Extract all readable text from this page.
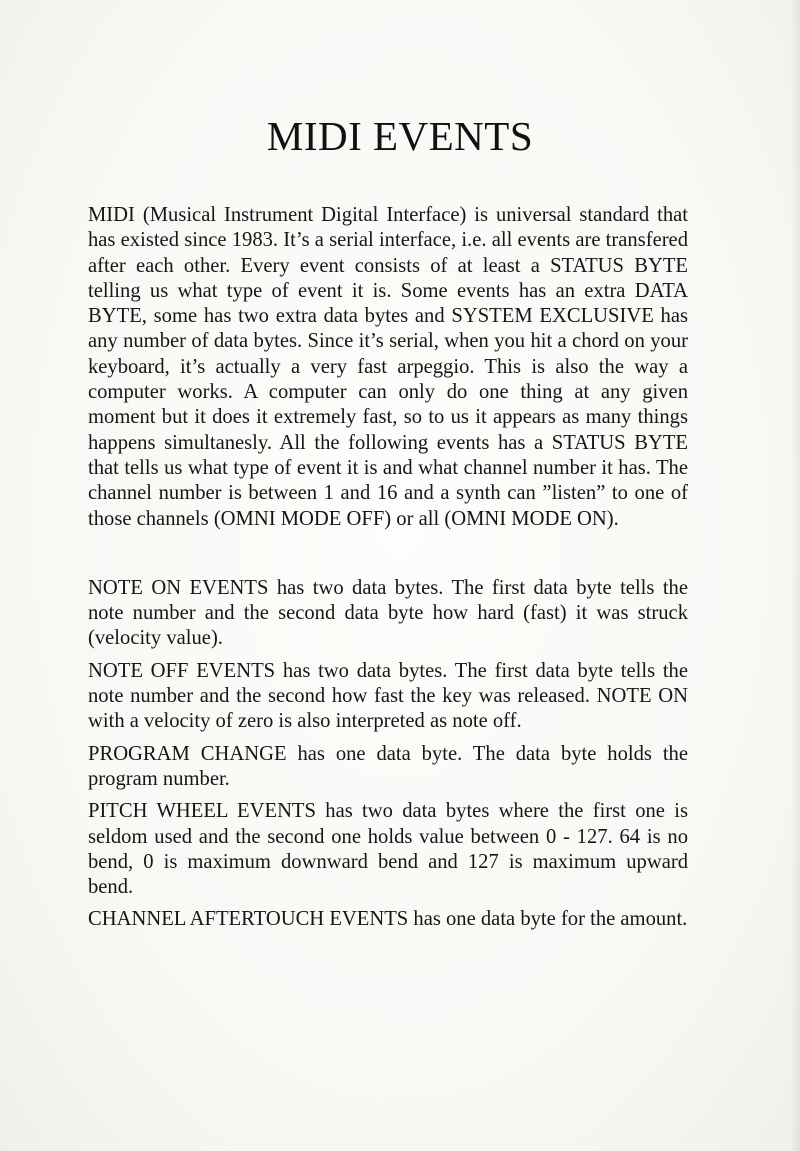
MIDI EVENTS

MIDI (Musical Instrument Digital Interface) is universal standard that has existed since 1983. It’s a serial interface, i.e. all events are transfered after each other. Every event consists of at least a STATUS BYTE telling us what type of event it is. Some events has an extra DATA BYTE, some has two extra data bytes and SYSTEM EXCLUSIVE has any number of data bytes. Since it’s serial, when you hit a chord on your keyboard, it’s actually a very fast arpeggio. This is also the way a computer works. A computer can only do one thing at any given moment but it does it extremely fast, so to us it appears as many things happens simultanesly. All the following events has a STATUS BYTE that tells us what type of event it is and what channel number it has. The channel number is between 1 and 16 and a synth can ”listen” to one of those channels (OMNI MODE OFF) or all (OMNI MODE ON).

NOTE ON EVENTS has two data bytes. The first data byte tells the note number and the second data byte how hard (fast) it was struck (velocity value).

NOTE OFF EVENTS has two data bytes. The first data byte tells the note number and the second how fast the key was released. NOTE ON with a velocity of zero is also interpreted as note off.

PROGRAM CHANGE has one data byte. The data byte holds the program number.

PITCH WHEEL EVENTS has two data bytes where the first one is seldom used and the second one holds value between 0 - 127. 64 is no bend, 0 is maximum downward bend and 127 is maximum upward bend.

CHANNEL AFTERTOUCH EVENTS has one data byte for the amount.
